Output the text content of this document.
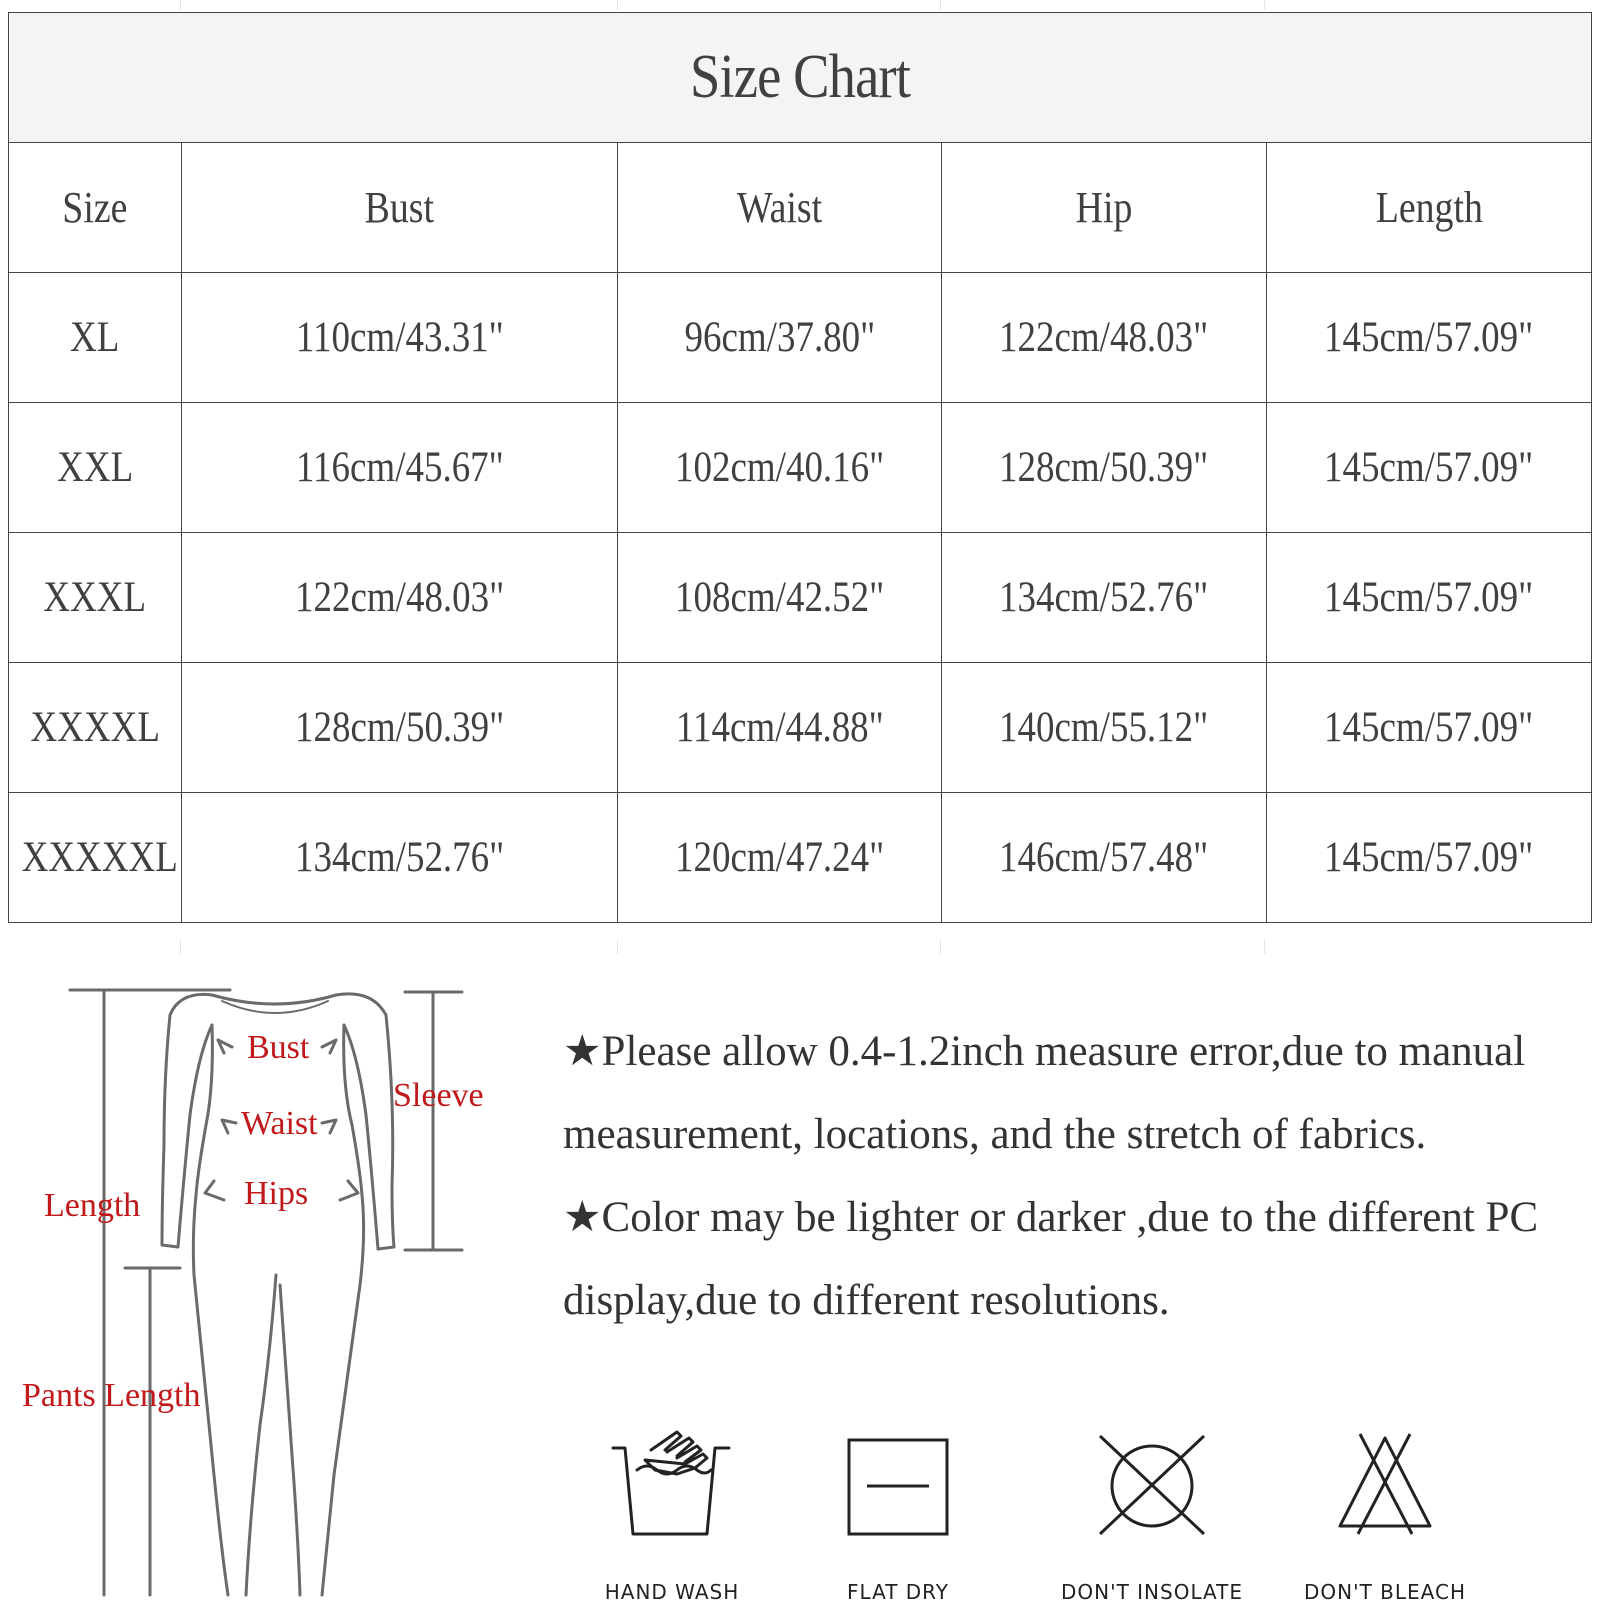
Size Chart				
Size	Bust	Waist	Hip	Length
XL	110cm/43.31"	96cm/37.80"	122cm/48.03"	145cm/57.09"
XXL	116cm/45.67"	102cm/40.16"	128cm/50.39"	145cm/57.09"
XXXL	122cm/48.03"	108cm/42.52"	134cm/52.76"	145cm/57.09"
XXXXL	128cm/50.39"	114cm/44.88"	140cm/55.12"	145cm/57.09"
XXXXXL	134cm/52.76"	120cm/47.24"	146cm/57.48"	145cm/57.09"
Bust
Waist
Hips
Sleeve
Length
Pants Length

★Please allow 0.4-1.2inch measure error,due to manual measurement, locations, and the stretch of fabrics.

★Color may be lighter or darker ,due to the different PC display,due to different resolutions.

HAND WASH	FLAT DRY	DON'T INSOLATE	DON'T BLEACH
